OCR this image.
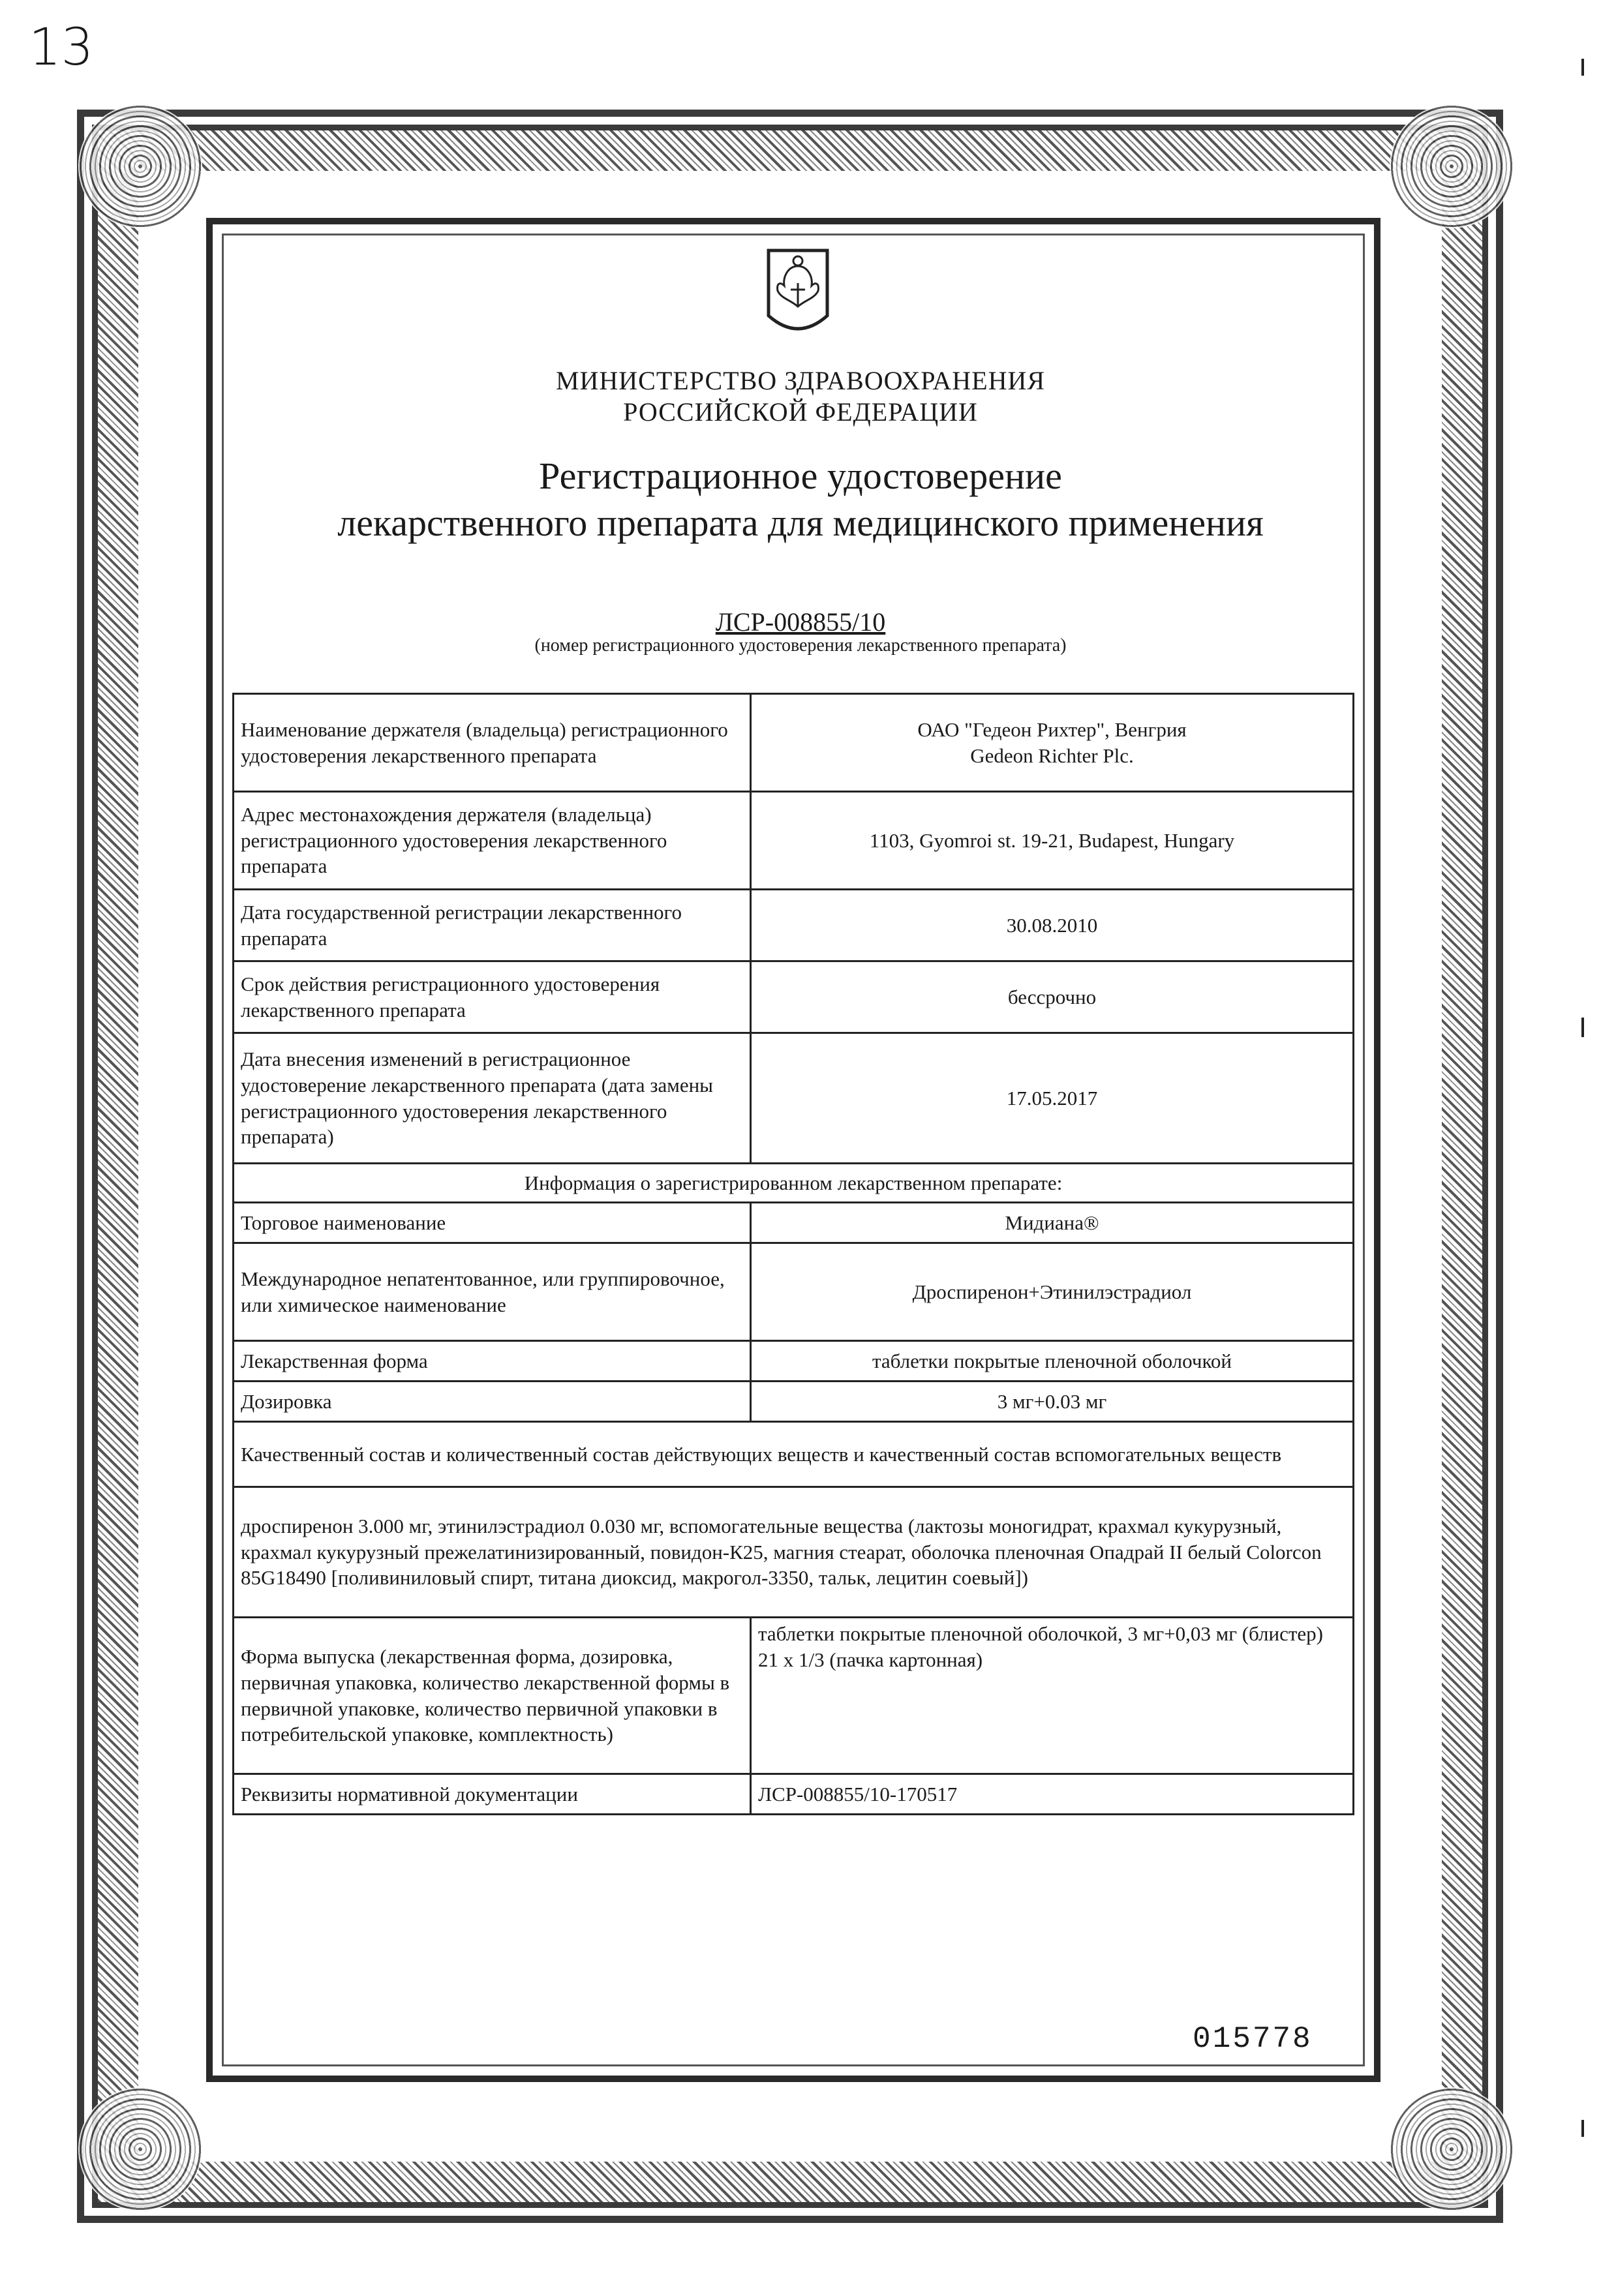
13
МИНИСТЕРСТВО ЗДРАВООХРАНЕНИЯ
РОССИЙСКОЙ ФЕДЕРАЦИИ
Регистрационное удостоверение
лекарственного препарата для медицинского применения
ЛСР-008855/10
(номер регистрационного удостоверения лекарственного препарата)
Наименование держателя (владельца) регистрационного удостоверения лекарственного препарата	ОАО "Гедеон Рихтер", Венгрия
Gedeon Richter Plc.

Адрес местонахождения держателя (владельца) регистрационного удостоверения лекарственного препарата	1103, Gyomroi st. 19-21, Budapest, Hungary
Дата государственной регистрации лекарственного препарата	30.08.2010
Срок действия регистрационного удостоверения лекарственного препарата	бессрочно
Дата внесения изменений в регистрационное удостоверение лекарственного препарата (дата замены регистрационного удостоверения лекарственного препарата)	17.05.2017
Информация о зарегистрированном лекарственном препарате:	
Торговое наименование	Мидиана®
Международное непатентованное, или группировочное, или химическое наименование	Дроспиренон+Этинилэстрадиол
Лекарственная форма	таблетки покрытые пленочной оболочкой
Дозировка	3 мг+0.03 мг
Качественный состав и количественный состав действующих веществ и качественный состав вспомогательных веществ	
дроспиренон 3.000 мг, этинилэстрадиол 0.030 мг, вспомогательные вещества (лактозы моногидрат, крахмал кукурузный, крахмал кукурузный прежелатинизированный, повидон-К25, магния стеарат, оболочка пленочная Опадрай II белый Colorcon 85G18490 [поливиниловый спирт, титана диоксид, макрогол-3350, тальк, лецитин соевый])	
Форма выпуска (лекарственная форма, дозировка, первичная упаковка, количество лекарственной формы в первичной упаковке, количество первичной упаковки в потребительской упаковке, комплектность)	таблетки покрытые пленочной оболочкой, 3 мг+0,03 мг (блистер) 21 х 1/3 (пачка картонная)
Реквизиты нормативной документации	ЛСР-008855/10-170517
015778
